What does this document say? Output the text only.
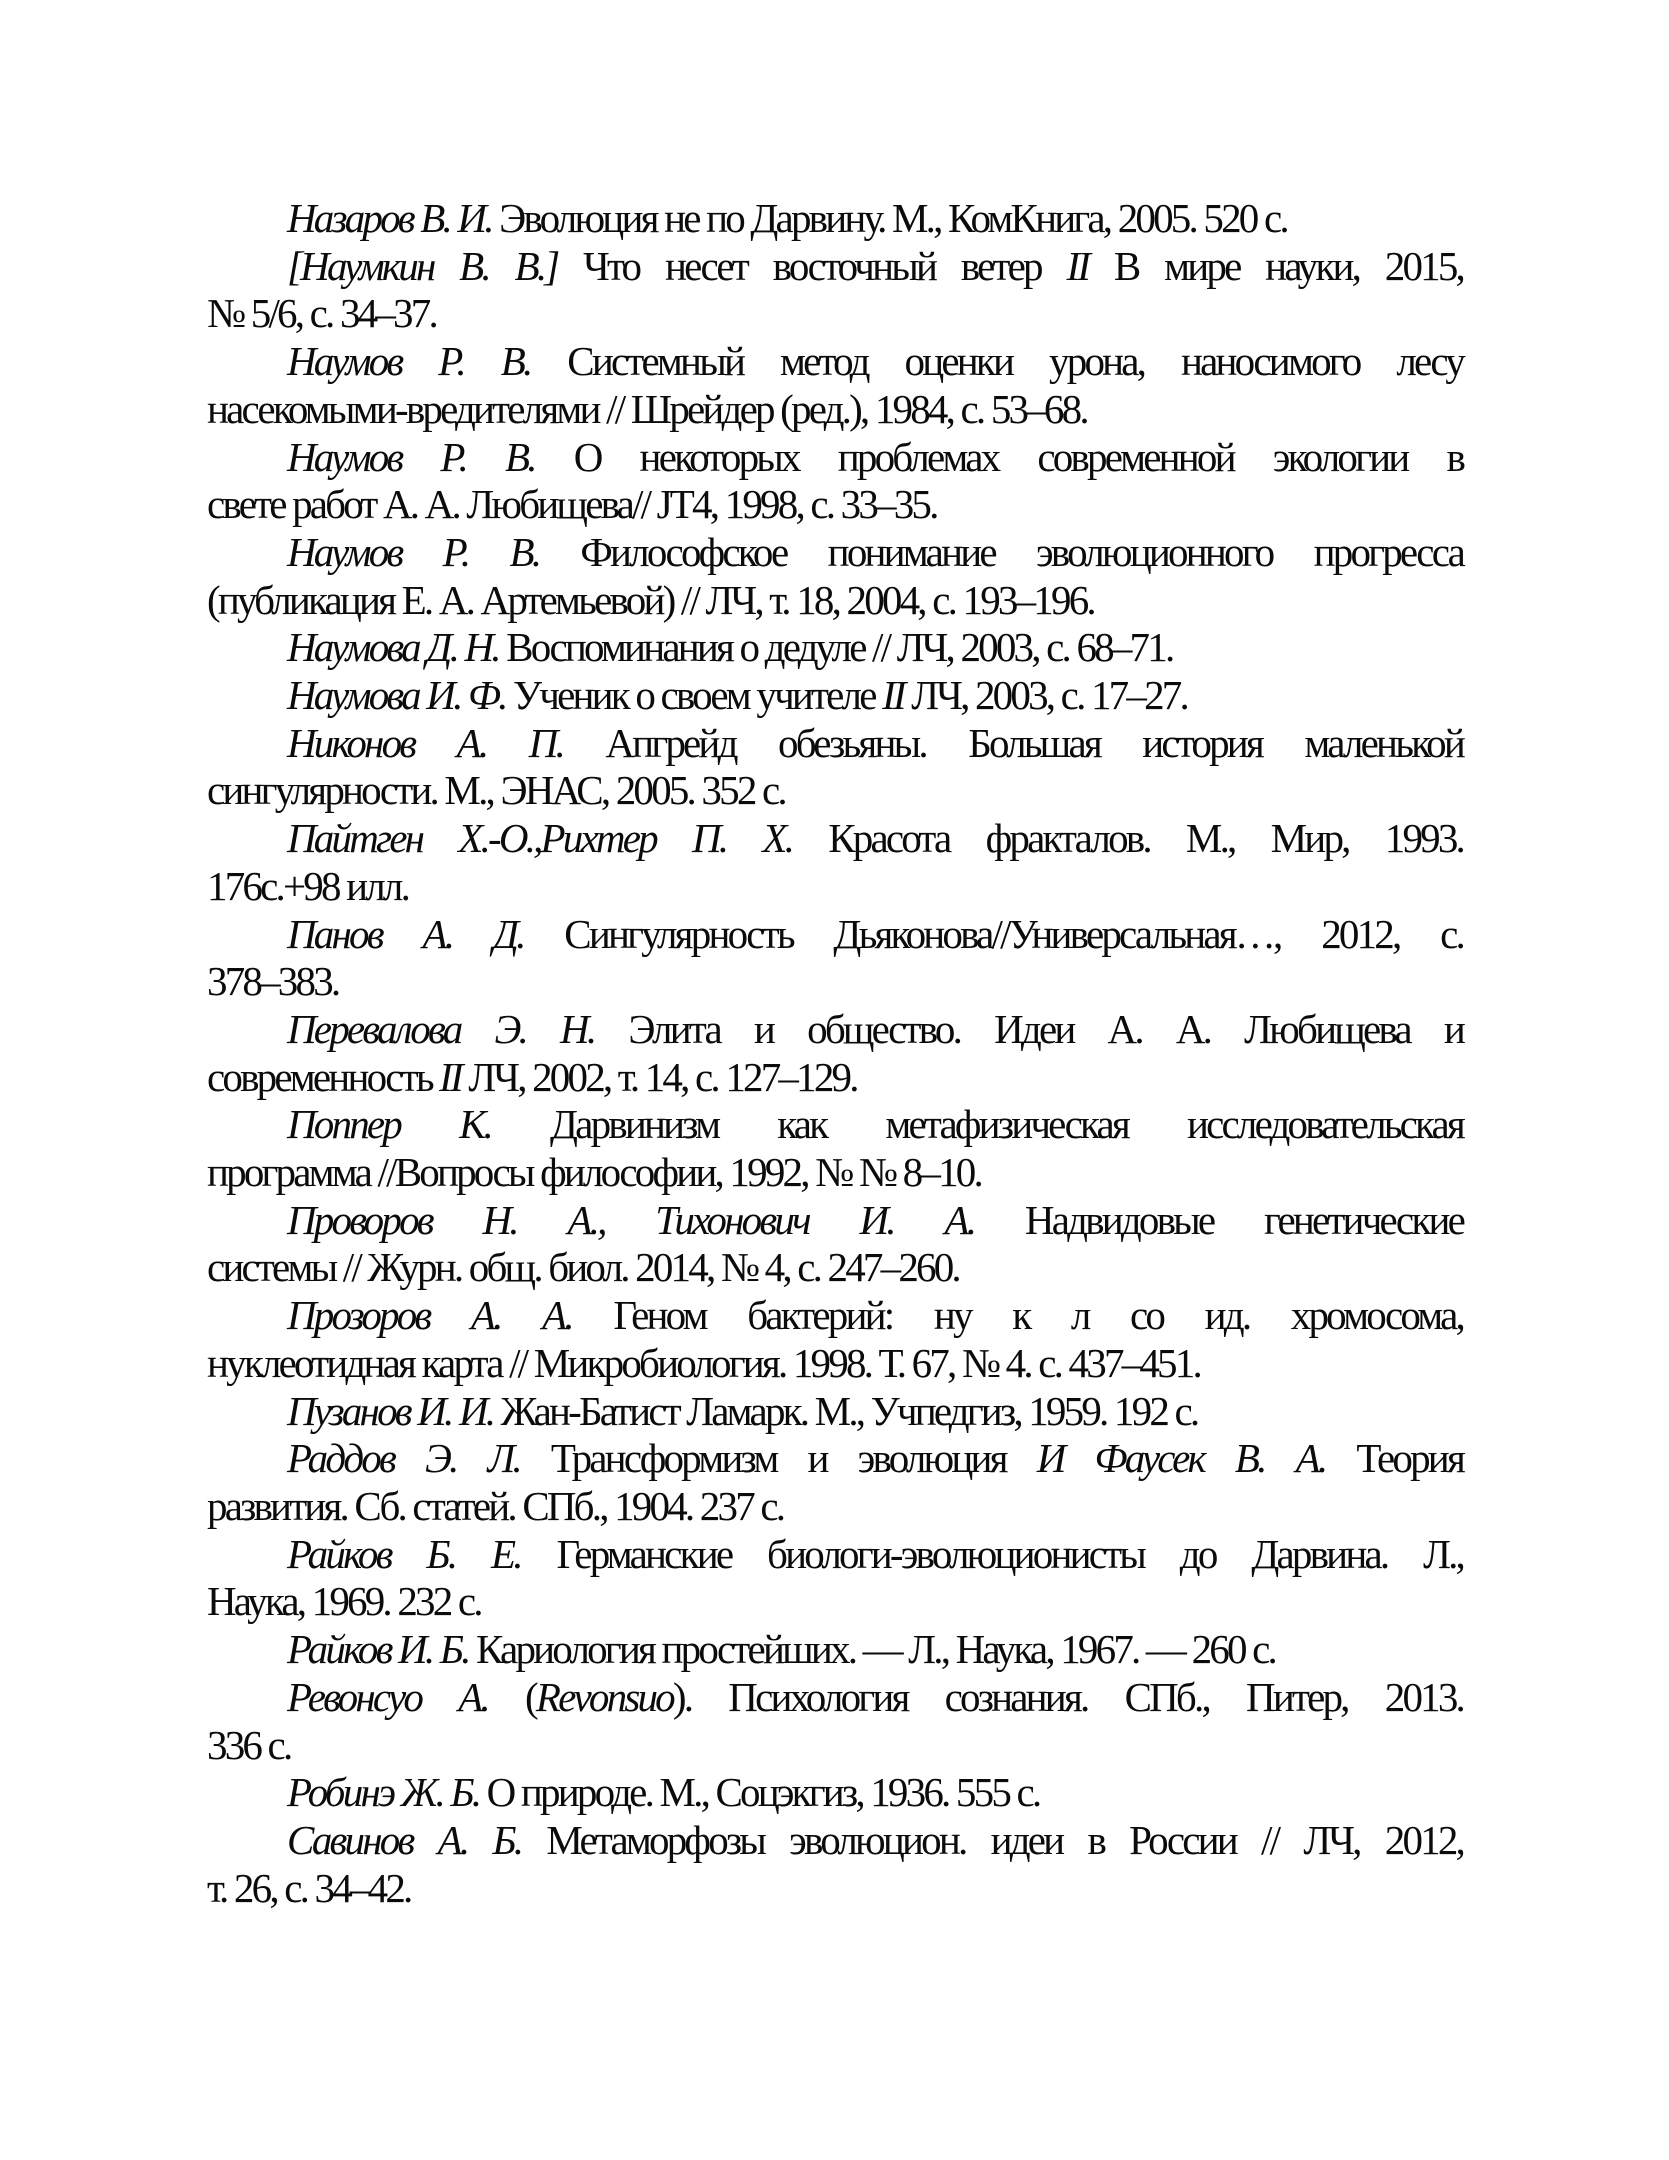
Назаров В. И. Эволюция не по Дарвину. М., КомКнига, 2005. 520 с.

[Наумкин В. В.] Что несет восточный ветер II В мире науки, 2015,
№ 5/6, с. 34–37.

Наумов Р. В. Системный метод оценки урона, наносимого лесу
насекомыми-вредителями // Шрейдер (ред.), 1984, с. 53–68.

Наумов Р. В. О некоторых проблемах современной экологии в
свете работ А. А. Любищева// JT4, 1998, с. 33–35.

Наумов Р. В. Философское понимание эволюционного прогресса
(публикация Е. А. Артемьевой) // ЛЧ, т. 18, 2004, с. 193–196.

Наумова Д. Н. Воспоминания о дедуле // ЛЧ, 2003, с. 68–71.

Наумова И. Ф. Ученик о своем учителе II ЛЧ, 2003, с. 17–27.

Никонов А. П. Апгрейд обезьяны. Большая история маленькой
сингулярности. М., ЭНАС, 2005. 352 с.

Пайтген Х.-О.,Рихтер П. Х. Красота фракталов. М., Мир, 1993.
176с.+98 илл.

Панов А. Д. Сингулярность Дьяконова//Универсальная…, 2012, с.
378–383.

Перевалова Э. Н. Элита и общество. Идеи А. А. Любищева и
современность II ЛЧ, 2002, т. 14, с. 127–129.

Поппер К. Дарвинизм как метафизическая исследовательская
программа //Вопросы философии, 1992, № № 8–10.

Проворов Н. А., Тихонович И. А. Надвидовые генетические
системы // Журн. общ. биол. 2014, № 4, с. 247–260.

Прозоров А. А. Геном бактерий: ну к л со ид. хромосома,
нуклеотидная карта // Микробиология. 1998. Т. 67, № 4. с. 437–451.

Пузанов И. И. Жан-Батист Ламарк. М., Учпедгиз, 1959. 192 с.

Раддов Э. Л. Трансформизм и эволюция И Фаусек В. А. Теория
развития. Сб. статей. СПб., 1904. 237 с.

Райков Б. Е. Германские биологи-эволюционисты до Дарвина. Л.,
Наука, 1969. 232 с.

Райков И. Б. Кариология простейших. — Л., Наука, 1967. — 260 с.

Ревонсуо А. (Revonsuo). Психология сознания. СПб., Питер, 2013.
336 с.

Робинэ Ж. Б. О природе. М., Соцэкгиз, 1936. 555 с.

Савинов А. Б. Метаморфозы эволюцион. идеи в России // ЛЧ, 2012,
т. 26, с. 34–42.
